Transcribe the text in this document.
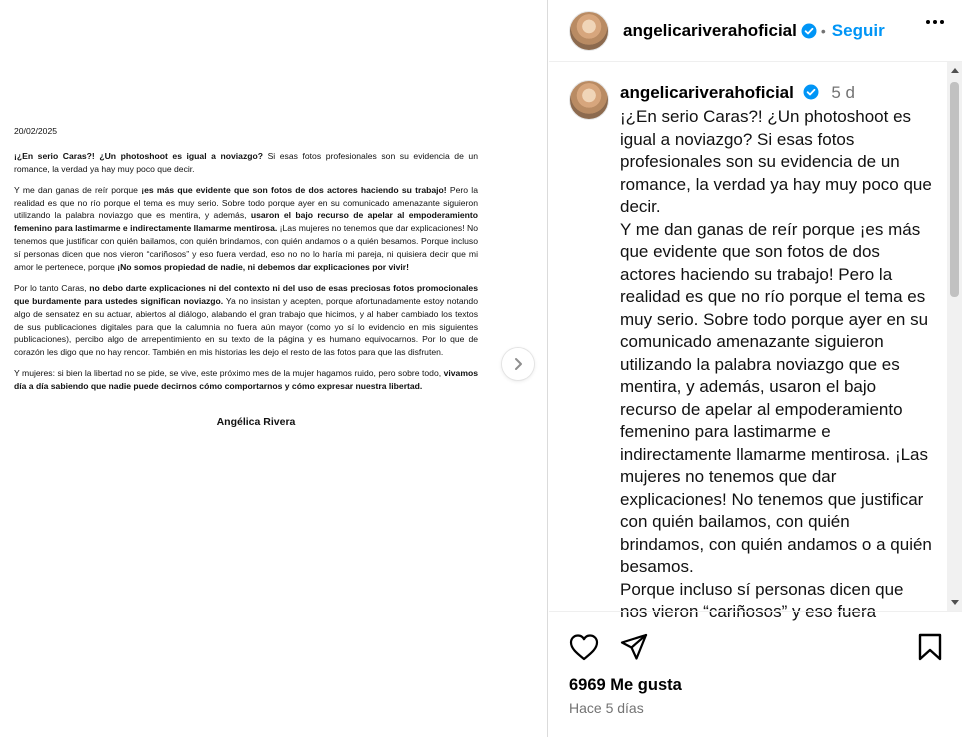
20/02/2025

¡¿En serio Caras?! ¿Un photoshoot es igual a noviazgo? Si esas fotos profesionales son su evidencia de un romance, la verdad ya hay muy poco que decir.

Y me dan ganas de reír porque ¡es más que evidente que son fotos de dos actores haciendo su trabajo! Pero la realidad es que no río porque el tema es muy serio. Sobre todo porque ayer en su comunicado amenazante siguieron utilizando la palabra noviazgo que es mentira, y además, usaron el bajo recurso de apelar al empoderamiento femenino para lastimarme e indirectamente llamarme mentirosa. ¡Las mujeres no tenemos que dar explicaciones! No tenemos que justificar con quién bailamos, con quién brindamos, con quién andamos o a quién besamos. Porque incluso sí personas dicen que nos vieron “cariñosos” y eso fuera verdad, eso no no lo haría mi pareja, ni quisiera decir que mi amor le pertenece, porque ¡No somos propiedad de nadie, ni debemos dar explicaciones por vivir!

Por lo tanto Caras, no debo darte explicaciones ni del contexto ni del uso de esas preciosas fotos promocionales que burdamente para ustedes significan noviazgo. Ya no insistan y acepten, porque afortunadamente estoy notando algo de sensatez en su actuar, abiertos al diálogo, alabando el gran trabajo que hicimos, y al haber cambiado los textos de sus publicaciones digitales para que la calumnia no fuera aún mayor (como yo sí lo evidencio en mis siguientes publicaciones), percibo algo de arrepentimiento en su texto de la página y es humano equivocarnos. Por lo que de corazón les digo que no hay rencor. También en mis historias les dejo el resto de las fotos para que las disfruten.

Y mujeres: si bien la libertad no se pide, se vive, este próximo mes de la mujer hagamos ruido, pero sobre todo, vivamos día a día sabiendo que nadie puede decirnos cómo comportarnos y cómo expresar nuestra libertad.

Angélica Rivera

angelicariverahoficial • Seguir
angelicariverahoficial 5 d

¡¿En serio Caras?! ¿Un photoshoot es igual a noviazgo? Si esas fotos profesionales son su evidencia de un romance, la verdad ya hay muy poco que decir.

Y me dan ganas de reír porque ¡es más que evidente que son fotos de dos actores haciendo su trabajo! Pero la realidad es que no río porque el tema es muy serio. Sobre todo porque ayer en su comunicado amenazante siguieron utilizando la palabra noviazgo que es mentira, y además, usaron el bajo recurso de apelar al empoderamiento femenino para lastimarme e indirectamente llamarme mentirosa. ¡Las mujeres no tenemos que dar explicaciones! No tenemos que justificar con quién bailamos, con quién brindamos, con quién andamos o a quién besamos.

Porque incluso sí personas dicen que nos vieron “cariñosos” y eso fuera

6969 Me gusta
Hace 5 días
